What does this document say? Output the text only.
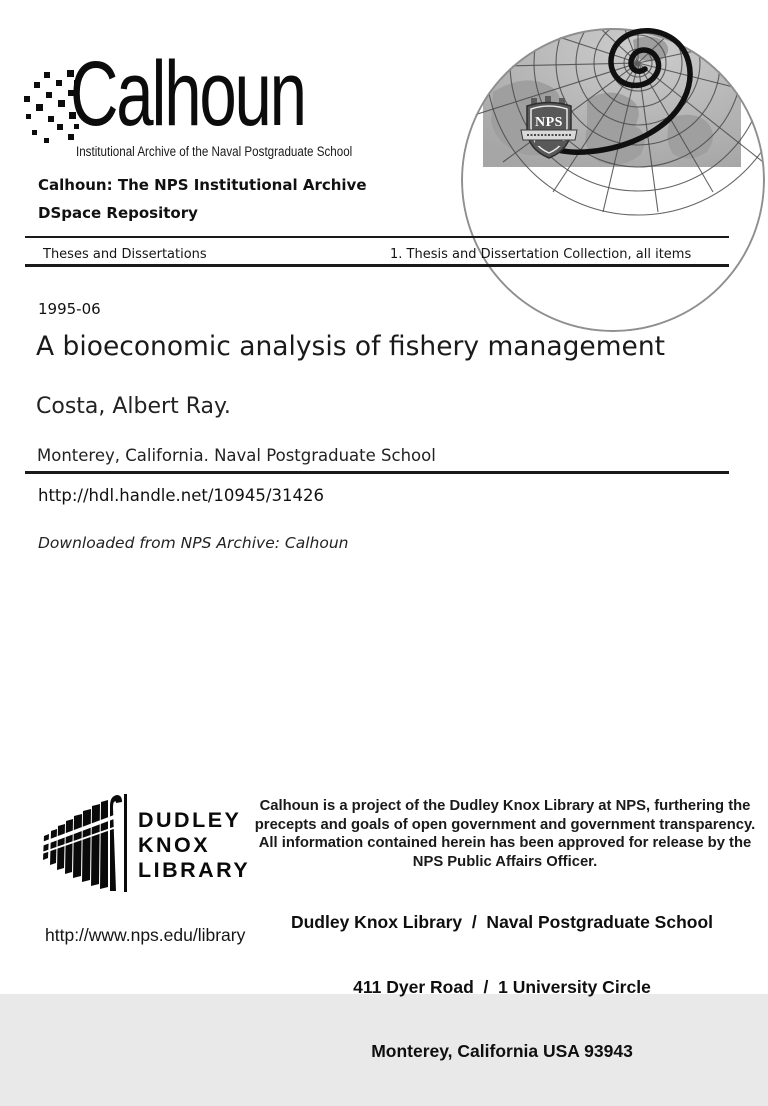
Calhoun
Institutional Archive of the Naval Postgraduate School
NPS
Calhoun: The NPS Institutional Archive
DSpace Repository
Theses and Dissertations	1. Thesis and Dissertation Collection, all items
1995-06
A bioeconomic analysis of fishery management
Costa, Albert Ray.
Monterey, California. Naval Postgraduate School
http://hdl.handle.net/10945/31426
Downloaded from NPS Archive: Calhoun
DUDLEY
KNOX
LIBRARY
Calhoun is a project of the Dudley Knox Library at NPS, furthering the precepts and goals of open government and government transparency. All information contained herein has been approved for release by the NPS Public Affairs Officer.

Dudley Knox Library  /  Naval Postgraduate School

411 Dyer Road  /  1 University Circle

Monterey, California USA 93943

http://www.nps.edu/library
